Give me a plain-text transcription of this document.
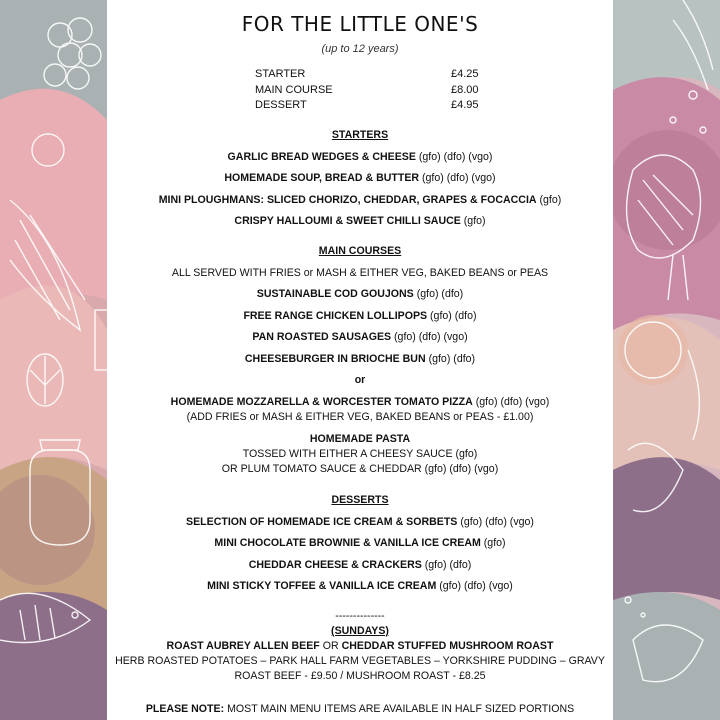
FOR THE LITTLE ONE'S
(up to 12 years)
STARTER	£4.25
MAIN COURSE	£8.00
DESSERT	£4.95
STARTERS
GARLIC BREAD WEDGES & CHEESE (gfo) (dfo) (vgo)
HOMEMADE SOUP, BREAD & BUTTER (gfo) (dfo) (vgo)
MINI PLOUGHMANS: SLICED CHORIZO, CHEDDAR, GRAPES & FOCACCIA (gfo)
CRISPY HALLOUMI & SWEET CHILLI SAUCE (gfo)
MAIN COURSES
ALL SERVED WITH FRIES or MASH & EITHER VEG, BAKED BEANS or PEAS
SUSTAINABLE COD GOUJONS (gfo) (dfo)
FREE RANGE CHICKEN LOLLIPOPS (gfo) (dfo)
PAN ROASTED SAUSAGES (gfo) (dfo) (vgo)
CHEESEBURGER IN BRIOCHE BUN (gfo) (dfo)
or
HOMEMADE MOZZARELLA & WORCESTER TOMATO PIZZA (gfo) (dfo) (vgo)
(ADD FRIES or MASH & EITHER VEG, BAKED BEANS or PEAS - £1.00)
HOMEMADE PASTA
TOSSED WITH EITHER A CHEESY SAUCE (gfo)
OR PLUM TOMATO SAUCE & CHEDDAR (gfo) (dfo) (vgo)
DESSERTS
SELECTION OF HOMEMADE ICE CREAM & SORBETS (gfo) (dfo) (vgo)
MINI CHOCOLATE BROWNIE & VANILLA ICE CREAM (gfo)
CHEDDAR CHEESE & CRACKERS (gfo) (dfo)
MINI STICKY TOFFEE & VANILLA ICE CREAM (gfo) (dfo) (vgo)
--------------
(SUNDAYS)
ROAST AUBREY ALLEN BEEF OR CHEDDAR STUFFED MUSHROOM ROAST
HERB ROASTED POTATOES – PARK HALL FARM VEGETABLES – YORKSHIRE PUDDING – GRAVY
ROAST BEEF - £9.50 / MUSHROOM ROAST - £8.25
PLEASE NOTE: MOST MAIN MENU ITEMS ARE AVAILABLE IN HALF SIZED PORTIONS
